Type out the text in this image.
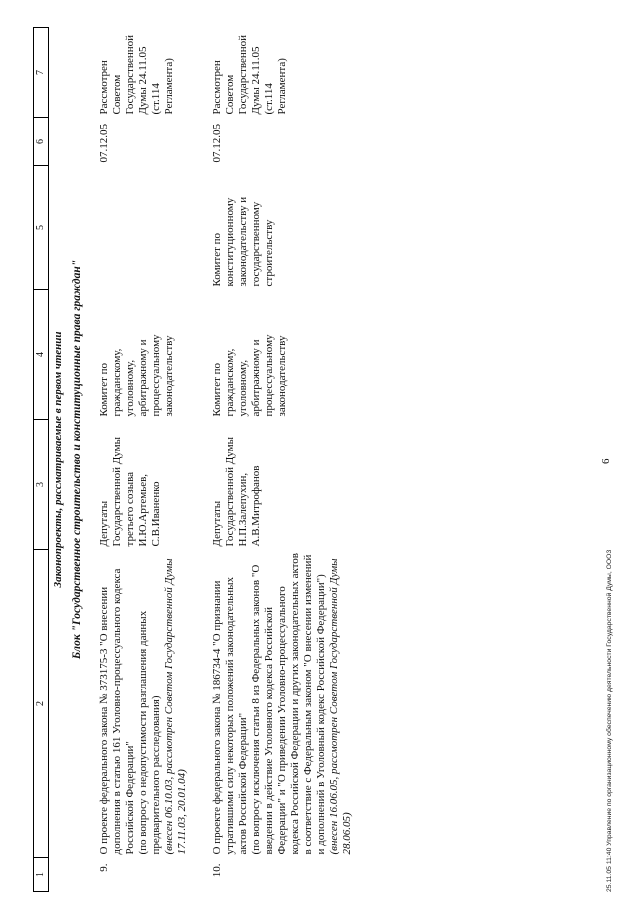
1	2	3	4	5	6	7
Законопроекты, рассматриваемые в первом чтении						
Блок "Государственное строительство и конституционные права граждан"						
9.	О проекте федерального закона № 373175-3 "О внесении дополнения в статью 161 Уголовно-процессуального кодекса Российской Федерации" (по вопросу о недопустимости разглашения данных предварительного расследования) (внесен 06.10.03, рассмотрен Советом Государственной Думы 17.11.03, 20.01.04)	Депутаты Государственной Думы третьего созыва И.Ю.Артемьев, С.В.Иваненко	Комитет по гражданскому, уголовному, арбитражному и процессуальному законодательству		07.12.05	Рассмотрен Советом Государственной Думы 24.11.05 (ст.114 Регламента)
10.	О проекте федерального закона № 186734-4 "О признании утратившими силу некоторых положений законодательных актов Российской Федерации" (по вопросу исключения статьи 8 из Федеральных законов "О введении в действие Уголовного кодекса Российской Федерации" и "О приведении Уголовно-процессуального кодекса Российской Федерации и других законодательных актов в соответствие с Федеральным законом "О внесении изменений и дополнений в Уголовный кодекс Российской Федерации") (внесен 16.06.05, рассмотрен Советом Государственной Думы 28.06.05)	Депутаты Государственной Думы Н.П.Залепухин, А.В.Митрофанов	Комитет по гражданскому, уголовному, арбитражному и процессуальному законодательству	Комитет по конституционному законодательству и государственному строительству	07.12.05	Рассмотрен Советом Государственной Думы 24.11.05 (ст.114 Регламента)
6
25.11.05 11:40 Управление по организационному обеспечению деятельности Государственной Думы, ООО3
